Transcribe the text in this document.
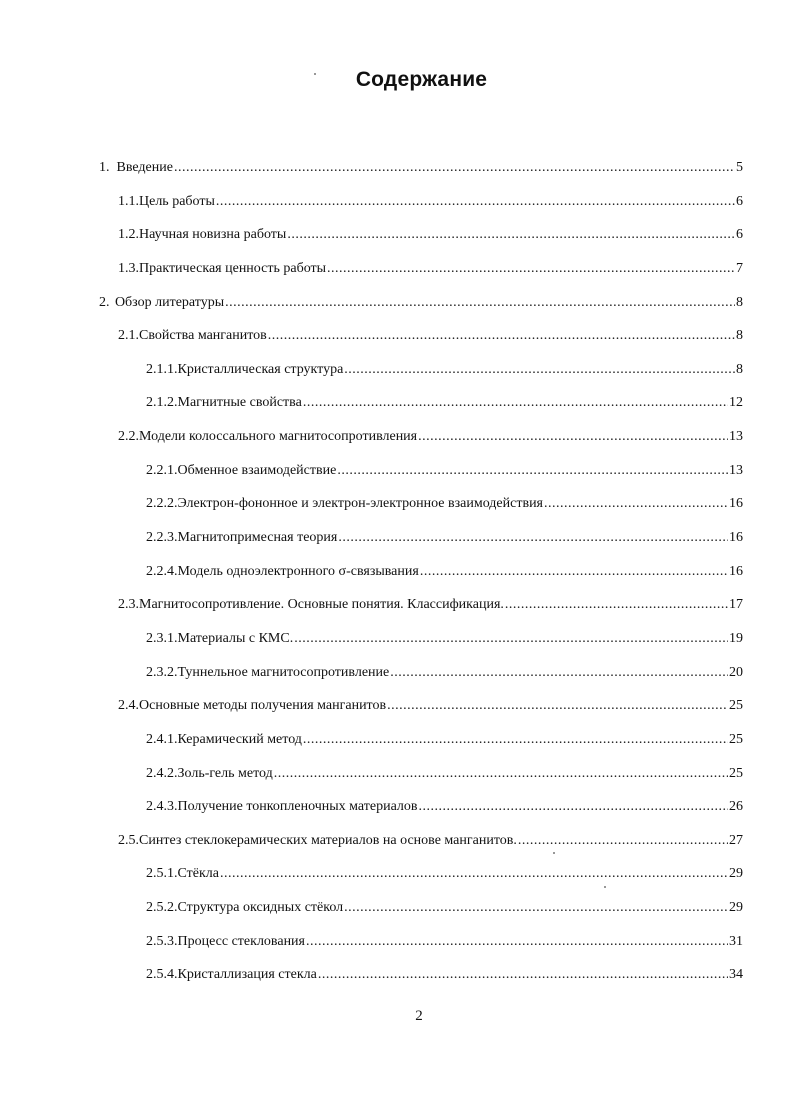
Содержание
1. Введение .....	5
1.1. Цель работы .....	6
1.2. Научная новизна работы .....	6
1.3. Практическая ценность работы .....	7
2. Обзор литературы .....	8
2.1. Свойства манганитов .....	8
2.1.1. Кристаллическая структура .....	8
2.1.2. Магнитные свойства .....	12
2.2. Модели колоссального магнитосопротивления .....	13
2.2.1. Обменное взаимодействие .....	13
2.2.2. Электрон-фононное и электрон-электронное взаимодействия .....	16
2.2.3. Магнитопримесная теория .....	16
2.2.4. Модель одноэлектронного σ-связывания .....	16
2.3. Магнитосопротивление. Основные понятия. Классификация. .....	17
2.3.1. Материалы с КМС. .....	19
2.3.2. Туннельное магнитосопротивление .....	20
2.4. Основные методы получения манганитов .....	25
2.4.1. Керамический метод .....	25
2.4.2. Золь-гель метод .....	25
2.4.3. Получение тонкопленочных материалов .....	26
2.5. Синтез стеклокерамических материалов на основе манганитов. .....	27
2.5.1. Стёкла .....	29
2.5.2. Структура оксидных стёкол .....	29
2.5.3. Процесс стеклования .....	31
2.5.4. Кристаллизация стекла .....	34
2
